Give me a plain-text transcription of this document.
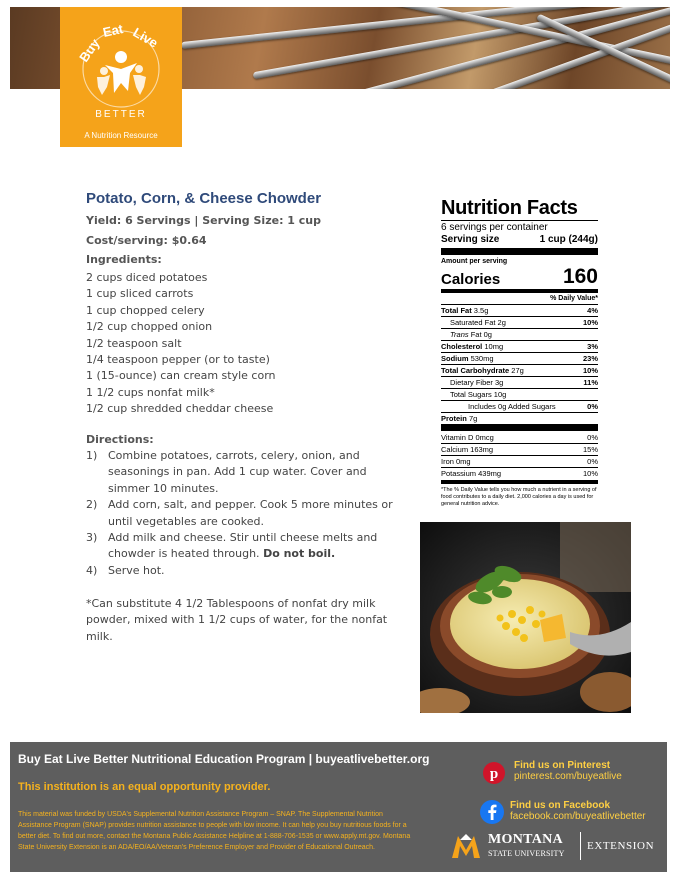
Buy
Eat Live
BETTER
A Nutrition Resource
Potato, Corn, & Cheese Chowder
Yield: 6 Servings | Serving Size: 1 cup
Cost/serving: $0.64
Ingredients:
2 cups diced potatoes
1 cup sliced carrots
1 cup chopped celery
1/2 cup chopped onion
1/2 teaspoon salt
1/4 teaspoon pepper (or to taste)
1 (15-ounce) can cream style corn
1 1/2 cups nonfat milk*
1/2 cup shredded cheddar cheese
Directions:
1) Combine potatoes, carrots, celery, onion, and seasonings in pan. Add 1 cup water. Cover and simmer 10 minutes.
2) Add corn, salt, and pepper. Cook 5 more minutes or until vegetables are cooked.
3) Add milk and cheese. Stir until cheese melts and chowder is heated through. Do not boil.
4) Serve hot.
*Can substitute 4 1/2 Tablespoons of nonfat dry milk powder, mixed with 1 1/2 cups of water, for the nonfat milk.
Nutrition Facts
6 servings per container
Serving size	1 cup (244g)
Amount per serving
Calories	160
% Daily Value*
Total Fat 3.5g	4%
Saturated Fat 2g	10%
Trans Fat 0g
Cholesterol 10mg	3%
Sodium 530mg	23%
Total Carbohydrate 27g	10%
Dietary Fiber 3g	11%
Total Sugars 10g
Includes 0g Added Sugars	0%
Protein 7g
Vitamin D 0mcg	0%
Calcium 163mg	15%
Iron 0mg	0%
Potassium 439mg	10%
*The % Daily Value tells you how much a nutrient in a serving of food contributes to a daily diet. 2,000 calories a day is used for general nutrition advice.
Buy Eat Live Better Nutritional Education Program | buyeatlivebetter.org
This institution is an equal opportunity provider.
This material was funded by USDA's Supplemental Nutrition Assistance Program – SNAP. The Supplemental Nutrition Assistance Program (SNAP) provides nutrition assistance to people with low income. It can help you buy nutritious foods for a better diet. To find out more, contact the Montana Public Assistance Helpline at 1-888-706-1535 or www.apply.mt.gov. Montana State University Extension is an ADA/EO/AA/Veteran's Preference Employer and Provider of Educational Outreach.
p
Find us on Pinterest
pinterest.com/buyeatlive
Find us on Facebook
facebook.com/buyeatlivebetter
MONTANA
STATE UNIVERSITY
EXTENSION
